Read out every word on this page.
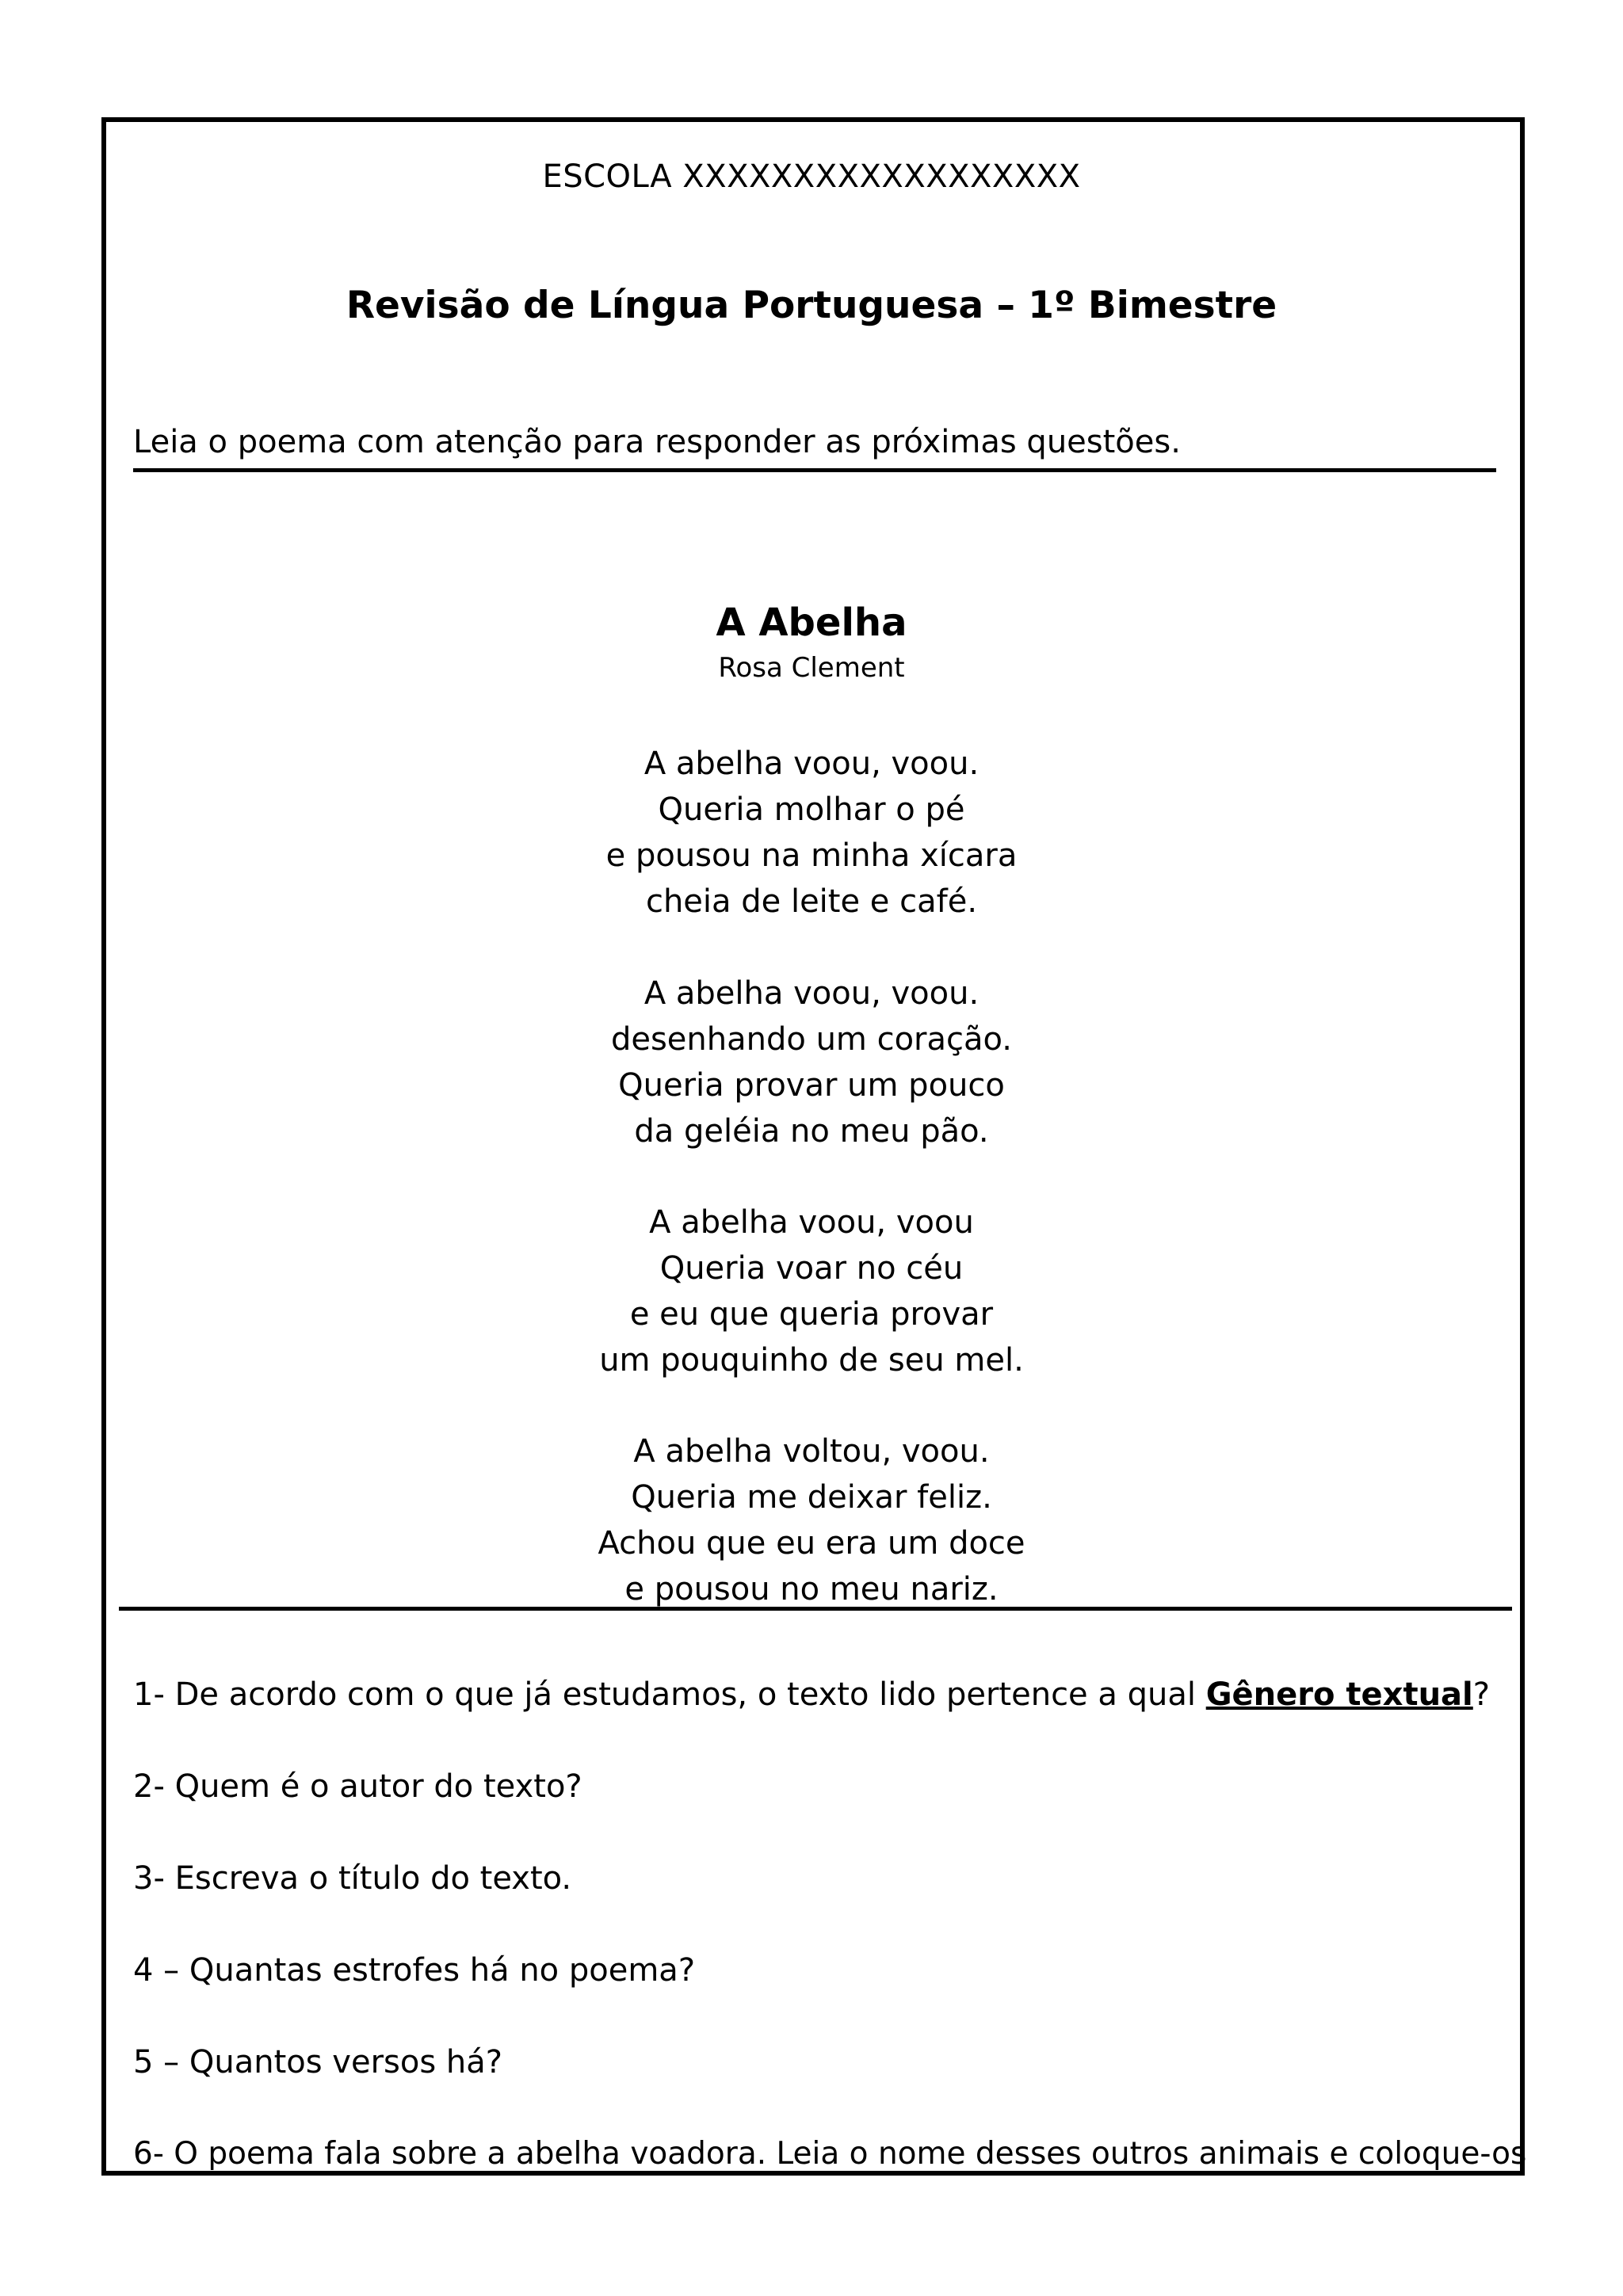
ESCOLA XXXXXXXXXXXXXXXXXX
Revisão de Língua Portuguesa – 1º Bimestre
Leia o poema com atenção para responder as próximas questões.
A Abelha
Rosa Clement
A abelha voou, voou.
Queria molhar o pé
e pousou na minha xícara
cheia de leite e café.
A abelha voou, voou.
desenhando um coração.
Queria provar um pouco
da geléia no meu pão.
A abelha voou, voou
Queria voar no céu
e eu que queria provar
um pouquinho de seu mel.
A abelha voltou, voou.
Queria me deixar feliz.
Achou que eu era um doce
e pousou no meu nariz.
1- De acordo com o que já estudamos, o texto lido pertence a qual Gênero textual?
2- Quem é o autor do texto?
3- Escreva o título do texto.
4 – Quantas estrofes há no poema?
5 – Quantos versos há?
6- O poema fala sobre a abelha voadora. Leia o nome desses outros animais e coloque-os
